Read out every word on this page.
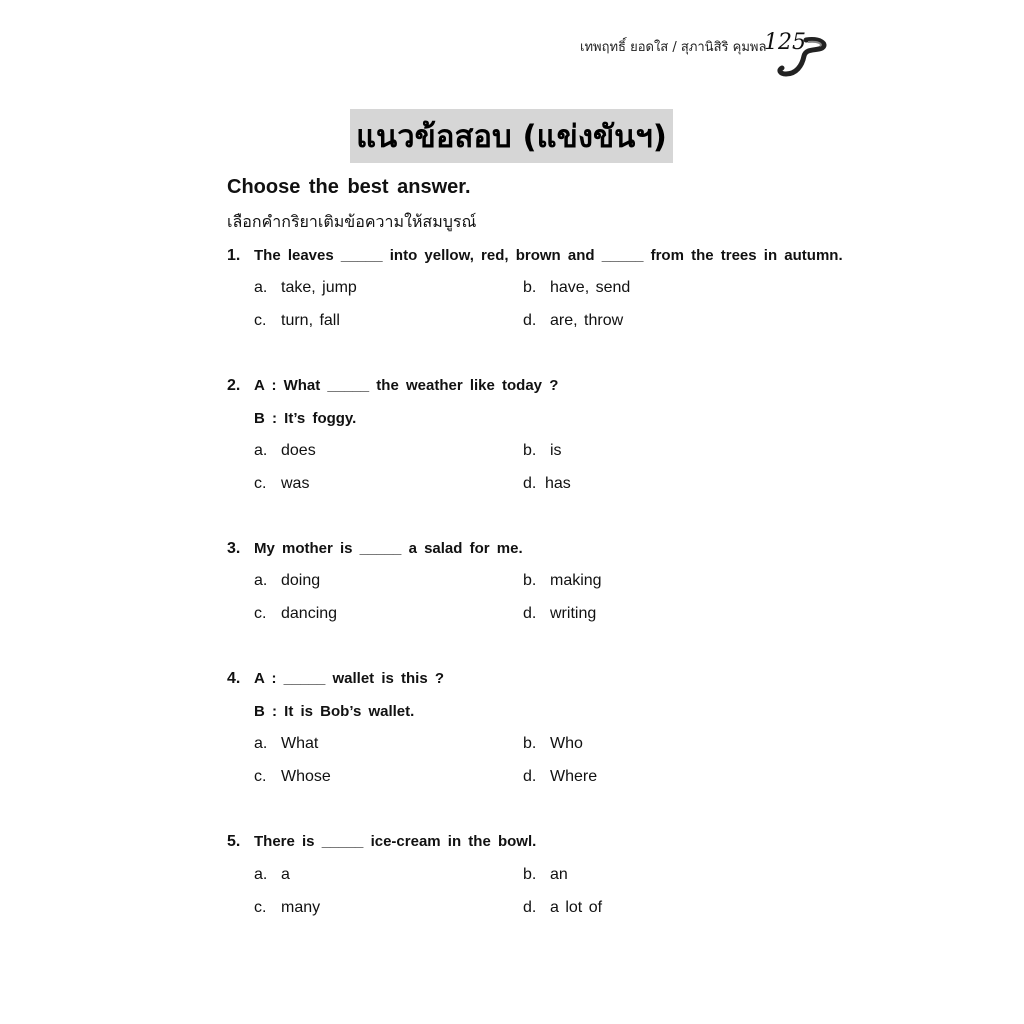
เทพฤทธิ์ ยอดใส / สุภานิสิริ คุมพล
125
แนวข้อสอบ (แข่งขันฯ)
Choose the best answer.
เลือกคำกริยาเติมข้อความให้สมบูรณ์
1. The leaves _____ into yellow, red, brown and _____ from the trees in autumn.
a. take, jump	b. have, send
c. turn, fall	d. are, throw
2. A : What _____ the weather like today ?
B : It’s foggy.
a. does	b. is
c. was	d. has
3. My mother is _____ a salad for me.
a. doing	b. making
c. dancing	d. writing
4. A : _____ wallet is this ?
B : It is Bob’s wallet.
a. What	b. Who
c. Whose	d. Where
5. There is _____ ice-cream in the bowl.
a. a	b. an
c. many	d. a lot of
